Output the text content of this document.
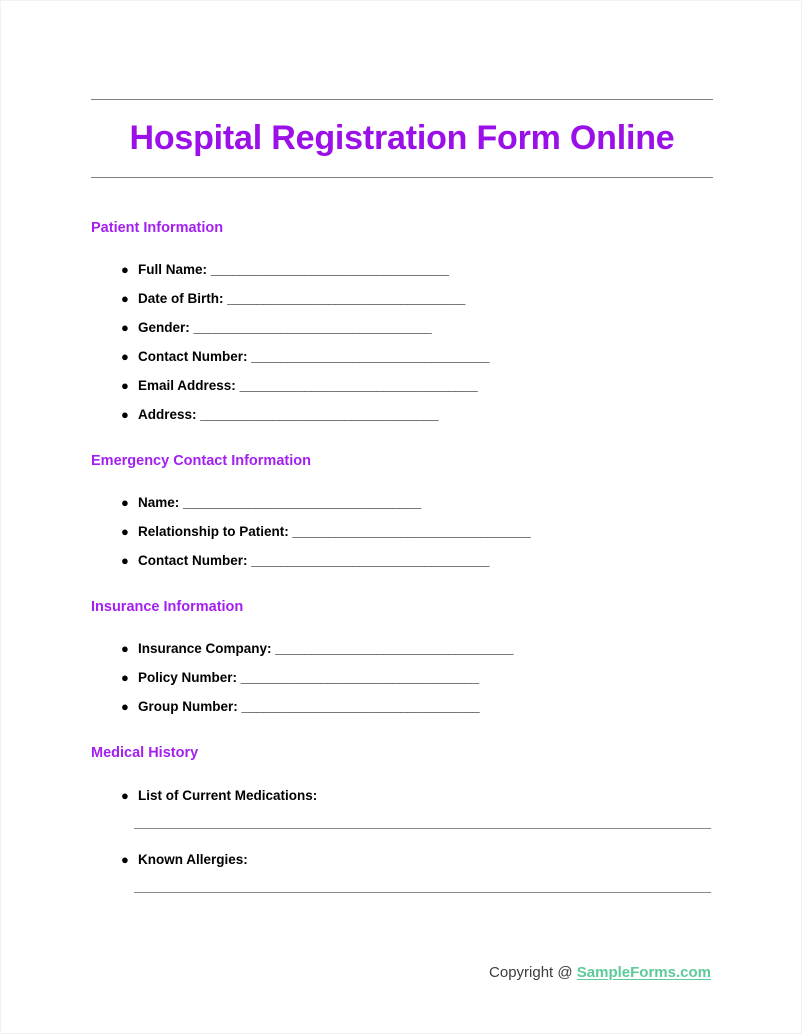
Hospital Registration Form Online
Patient Information
● Full Name: _________________________________
● Date of Birth: _________________________________
● Gender: _________________________________
● Contact Number: _________________________________
● Email Address: _________________________________
● Address: _________________________________
Emergency Contact Information
● Name: _________________________________
● Relationship to Patient: _________________________________
● Contact Number: _________________________________
Insurance Information
● Insurance Company: _________________________________
● Policy Number: _________________________________
● Group Number: _________________________________
Medical History
● List of Current Medications:
● Known Allergies:
Copyright @ SampleForms.com
